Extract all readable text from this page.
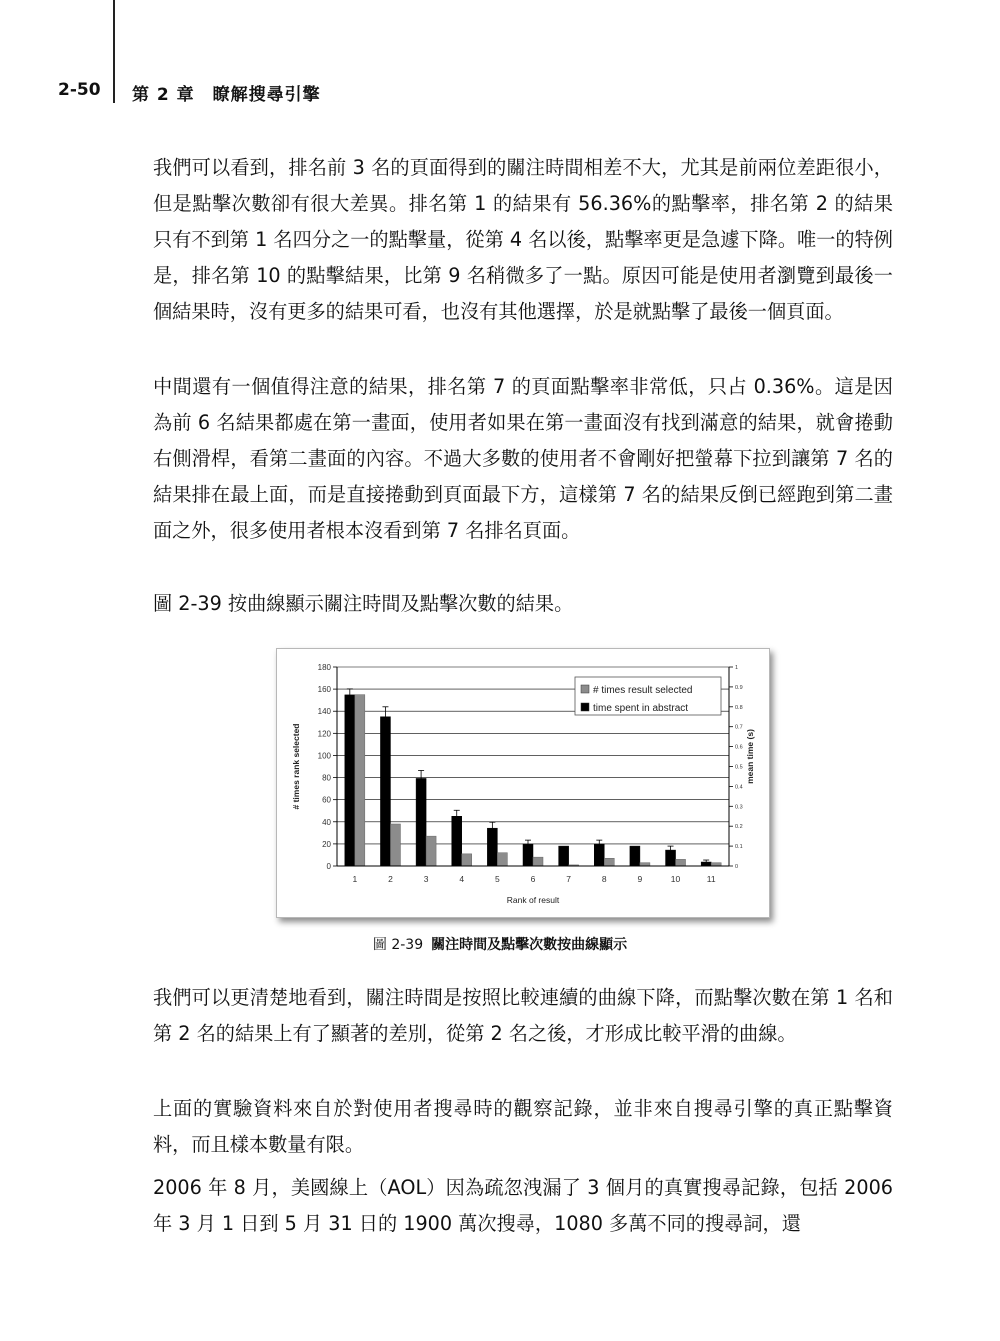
2-50 第 2 章　瞭解搜尋引擎

我們可以看到，排名前 3 名的頁面得到的關注時間相差不大，尤其是前兩位差距很小，但是點擊次數卻有很大差異。排名第 1 的結果有 56.36%的點擊率，排名第 2 的結果只有不到第 1 名四分之一的點擊量，從第 4 名以後，點擊率更是急遽下降。唯一的特例是，排名第 10 的點擊結果，比第 9 名稍微多了一點。原因可能是使用者瀏覽到最後一個結果時，沒有更多的結果可看，也沒有其他選擇，於是就點擊了最後一個頁面。

中間還有一個值得注意的結果，排名第 7 的頁面點擊率非常低，只占 0.36%。這是因為前 6 名結果都處在第一畫面，使用者如果在第一畫面沒有找到滿意的結果，就會捲動右側滑桿，看第二畫面的內容。不過大多數的使用者不會剛好把螢幕下拉到讓第 7 名的結果排在最上面，而是直接捲動到頁面最下方，這樣第 7 名的結果反倒已經跑到第二畫面之外，很多使用者根本沒看到第 7 名排名頁面。

圖 2-39 按曲線顯示關注時間及點擊次數的結果。

0
20
40
60
80
100
120
140
160
180
0
0.1
0.2
0.3
0.4
0.5
0.6
0.7
0.8
0.9
1
1	2	3	4	5	6	7	8	9	10	11
Rank of result
# times rank selected	mean time (s)
# times result selected
time spent in abstract

圖 2-39 關注時間及點擊次數按曲線顯示

我們可以更清楚地看到，關注時間是按照比較連續的曲線下降，而點擊次數在第 1 名和第 2 名的結果上有了顯著的差別，從第 2 名之後，才形成比較平滑的曲線。

上面的實驗資料來自於對使用者搜尋時的觀察記錄，並非來自搜尋引擎的真正點擊資料，而且樣本數量有限。

2006 年 8 月，美國線上（AOL）因為疏忽洩漏了 3 個月的真實搜尋記錄，包括 2006 年 3 月 1 日到 5 月 31 日的 1900 萬次搜尋，1080 多萬不同的搜尋詞，還
